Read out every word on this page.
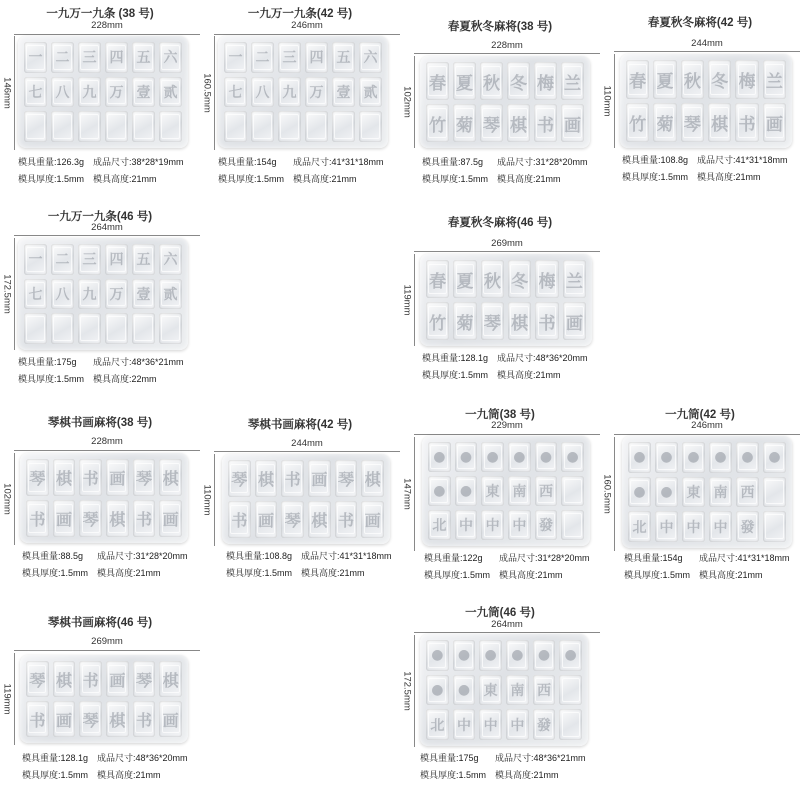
一九万一九条 (38 号)
228mm
146mm
一 二 三 四 五 六
七 八 九 万 壹 贰
模具重量:126.3g 成品尺寸:38*28*19mm
模具厚度:1.5mm 模具高度:21mm
一九万一九条(42 号)
246mm
160.5mm
一 二 三 四 五 六
七 八 九 万 壹 贰
模具重量:154g	成品尺寸:41*31*18mm
模具厚度:1.5mm 模具高度:21mm
春夏秋冬麻将(38 号)
228mm
102mm
春 夏 秋 冬 梅 兰
竹 菊 琴 棋 书 画
模具重量:87.5g	成品尺寸:31*28*20mm
模具厚度:1.5mm 模具高度:21mm
春夏秋冬麻将(42 号)
244mm
110mm
春 夏 秋 冬 梅 兰
竹 菊 琴 棋 书 画
模具重量:108.8g 成品尺寸:41*31*18mm
模具厚度:1.5mm 模具高度:21mm
一九万一九条(46 号)
264mm
172.5mm
一 二 三 四 五 六
七 八 九 万 壹 贰
模具重量:175g	成品尺寸:48*36*21mm
模具厚度:1.5mm 模具高度:22mm
春夏秋冬麻将(46 号)
269mm
119mm
春 夏 秋 冬 梅 兰
竹 菊 琴 棋 书 画
模具重量:128.1g 成品尺寸:48*36*20mm
模具厚度:1.5mm 模具高度:21mm
琴棋书画麻将(38 号)
228mm
102mm
琴 棋 书 画 琴 棋
书 画 琴 棋 书 画
模具重量:88.5g	成品尺寸:31*28*20mm
模具厚度:1.5mm 模具高度:21mm
琴棋书画麻将(42 号)
244mm
110mm
琴 棋 书 画 琴 棋
书 画 琴 棋 书 画
模具重量:108.8g 成品尺寸:41*31*18mm
模具厚度:1.5mm 模具高度:21mm
一九筒(38 号)
229mm
147mm
●	●	●	●	●	●
●	● 東 南 西
北 中 中 中 發
模具重量:122g	成品尺寸:31*28*20mm
模具厚度:1.5mm 模具高度:21mm
一九筒(42 号)
246mm
160.5mm
●	●	●	●	●	●
●	● 東 南 西
北 中 中 中 發
模具重量:154g	成品尺寸:41*31*18mm
模具厚度:1.5mm 模具高度:21mm
琴棋书画麻将(46 号)
269mm
119mm
琴 棋 书 画 琴 棋
书 画 琴 棋 书 画
模具重量:128.1g 成品尺寸:48*36*20mm
模具厚度:1.5mm 模具高度:21mm
一九筒(46 号)
264mm
172.5mm
●	●	●	●	●	●
●	● 東 南 西
北 中 中 中 發
模具重量:175g	成品尺寸:48*36*21mm
模具厚度:1.5mm 模具高度:21mm
